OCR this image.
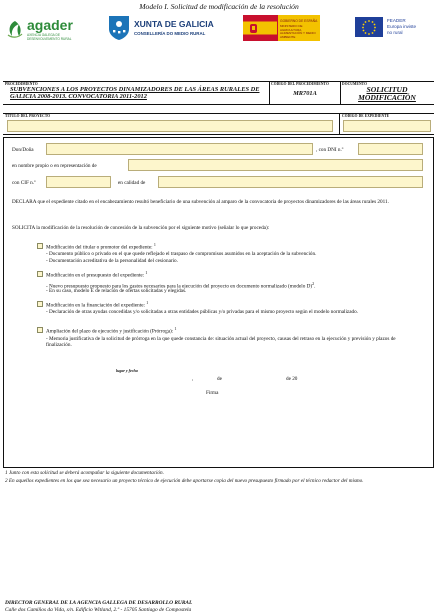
Modelo I. Solicitud de modificación de la resolución
agader
AXENCIA GALEGA DE DESENVOLVEMENTO RURAL
XUNTA DE GALICIA
CONSELLERÍA DO MEDIO RURAL
GOBIERNO DE ESPAÑA
MINISTERIO DE AGRICULTURA, ALIMENTACIÓN Y MEDIO AMBIENTE
FEADER
Europa inviste
no rural
PROCEDIMIENTO
SUBVENCIONES A LOS PROYECTOS DINAMIZADORES DE LAS ÁREAS RURALES DE GALICIA 2008-2013. CONVOCATORIA 2011-2012
CÓDIGO DEL PROCEDIMIENTO
MR701A
DOCUMENTO
SOLICITUD MODIFICACIÓN
TÍTULO DEL PROYECTO	CÓDIGO DE EXPEDIENTE
Don/Doña	, con DNI n.º
en nombre propio o en representación de
con CIF n.º	en calidad de
DECLARA que el expediente citado en el encabezamiento resultó beneficiario de una subvención al amparo de la convocatoria de proyectos dinamizadores de las áreas rurales 2011.
SOLICITA la modificación de la resolución de concesión de la subvención por el siguiente motivo (señalar lo que proceda):
Modificación del titular o promotor del expediente: $^1$
- Documento público o privado en el que quede reflejado el traspaso de compromisos asumidos en la aceptación de la subvención.
- Documentación acreditativa de la personalidad del cesionario.
Modificación en el presupuesto del expediente: $^1$
- Nuevo presupuesto propuesto para los gastos necesarios para la ejecución del proyecto en documento normalizado (modelo D)$^2$.
- En su caso, modelo E de relación de ofertas solicitadas y elegidas.
Modificación en la financiación del expediente: $^1$
- Declaración de otras ayudas concedidas y/o solicitadas a otras entidades públicas y/o privadas para el mismo proyecto según el modelo normalizado.
Ampliación del plazo de ejecución y justificación (Prórroga): $^1$
- Memoria justificativa de la solicitud de prórroga en la que quede constancia de: situación actual del proyecto, causas del retraso en la ejecución y previsión y plazos de finalización.
lugar y fecha
,	de	de 20
Firma
1 Junto con esta solicitud se deberá acompañar la siguiente documentación.
2 En aquellos expedientes en los que sea necesario un proyecto técnico de ejecución debe aportarse copia del nuevo presupuesto firmado por el técnico redactor del mismo.
DIRECTOR GENERAL DE LA AGENCIA GALLEGA DE DESARROLLO RURAL
Calle dos Camiños da Vida, s/n. Edificio Witland, 2.º - 15705 Santiago de Compostela
